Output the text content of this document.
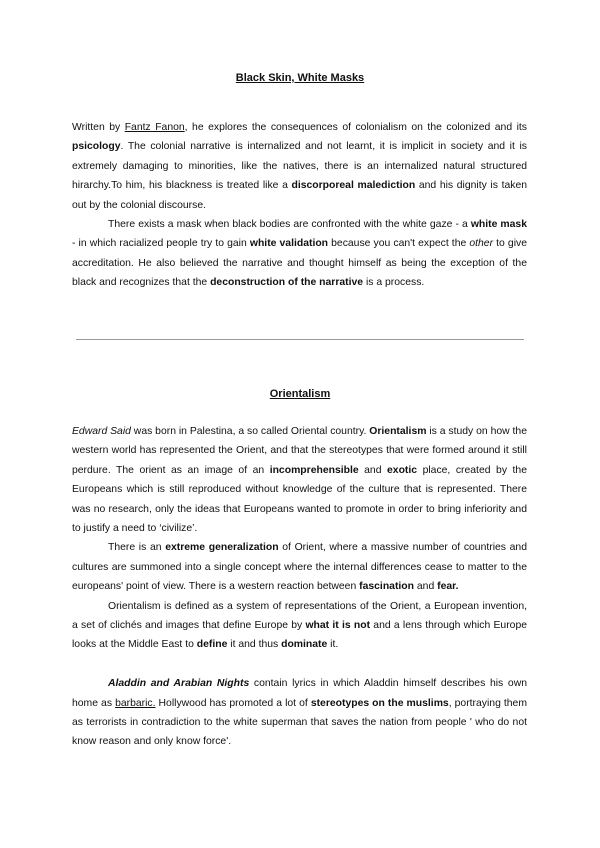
Black Skin, White Masks

Written by Fantz Fanon, he explores the consequences of colonialism on the colonized and its psicology. The colonial narrative is internalized and not learnt, it is implicit in society and it is extremely damaging to minorities, like the natives, there is an internalized natural structured hirarchy.To him, his blackness is treated like a discorporeal malediction and his dignity is taken out by the colonial discourse.

There exists a mask when black bodies are confronted with the white gaze - a white mask - in which racialized people try to gain white validation because you can't expect the other to give accreditation. He also believed the narrative and thought himself as being the exception of the black and recognizes that the deconstruction of the narrative is a process.

Orientalism

Edward Said was born in Palestina, a so called Oriental country. Orientalism is a study on how the western world has represented the Orient, and that the stereotypes that were formed around it still perdure. The orient as an image of an incomprehensible and exotic place, created by the Europeans which is still reproduced without knowledge of the culture that is represented. There was no research, only the ideas that Europeans wanted to promote in order to bring inferiority and to justify a need to ‘civilize’.

There is an extreme generalization of Orient, where a massive number of countries and cultures are summoned into a single concept where the internal differences cease to matter to the europeans' point of view. There is a western reaction between fascination and fear.

Orientalism is defined as a system of representations of the Orient, a European invention, a set of clichés and images that define Europe by what it is not and a lens through which Europe looks at the Middle East to define it and thus dominate it.

Aladdin and Arabian Nights contain lyrics in which Aladdin himself describes his own home as barbaric. Hollywood has promoted a lot of stereotypes on the muslims, portraying them as terrorists in contradiction to the white superman that saves the nation from people ' who do not know reason and only know force'.
